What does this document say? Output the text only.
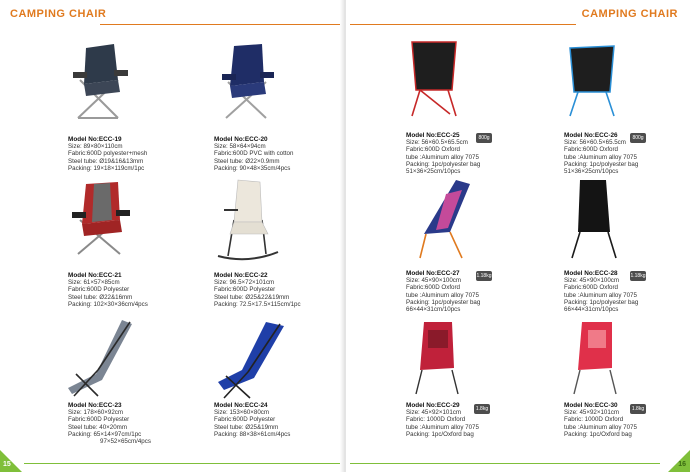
CAMPING CHAIR
Model No:ECC-19
Size: 89×80×110cm
Fabric:600D polyester+mesh
Steel tube: Ø19&16&13mm
Packing: 19×18×119cm/1pc
Model No:ECC-20
Size: 58×64×94cm
Fabric:600D PVC with cotton
Steel tube: Ø22×0.9mm
Packing: 90×48×35cm/4pcs
Model No:ECC-21
Size: 61×57×85cm
Fabric:600D Polyester
Steel tube: Ø22&16mm
Packing: 102×30×36cm/4pcs
Model No:ECC-22
Size: 96.5×72×101cm
Fabric:600D Polyester
Steel tube: Ø25&22&19mm
Packing: 72.5×17.5×115cm/1pc
Model No:ECC-23
Size: 178×60×92cm
Fabric:600D Polyester
Steel tube: 40×20mm
Packing: 65×14×97cm/1pc
97×52×65cm/4pcs
Model No:ECC-24
Size: 153×60×80cm
Fabric:600D Polyester
Steel tube: Ø25&19mm
Packing: 88×38×61cm/4pcs
15
CAMPING CHAIR
Model No:ECC-25
Size: 56×60.5×65.5cm
Fabric:600D Oxford
tube :Aluminum alloy 7075
Packing: 1pc/polyester bag
51×36×25cm/10pcs
800g	Model No:ECC-26
Size: 56×60.5×65.5cm
Fabric:600D Oxford
tube :Aluminum alloy 7075
Packing: 1pc/polyester bag
51×36×25cm/10pcs
800g
Model No:ECC-27
Size: 45×90×100cm
Fabric:600D Oxford
tube :Aluminum alloy 7075
Packing: 1pc/polyester bag
66×44×31cm/10pcs
1.18kg	Model No:ECC-28
Size: 45×90×100cm
Fabric:600D Oxford
tube :Aluminum alloy 7075
Packing: 1pc/polyester bag
66×44×31cm/10pcs
1.18kg
Model No:ECC-29
Size: 45×92×101cm
Fabric: 1000D Oxford
tube :Aluminum alloy 7075
Packing: 1pc/Oxford bag
1.8kg	Model No:ECC-30
Size: 45×92×101cm
Fabric: 1000D Oxford
tube :Aluminum alloy 7075
Packing: 1pc/Oxford bag
1.8kg
16
